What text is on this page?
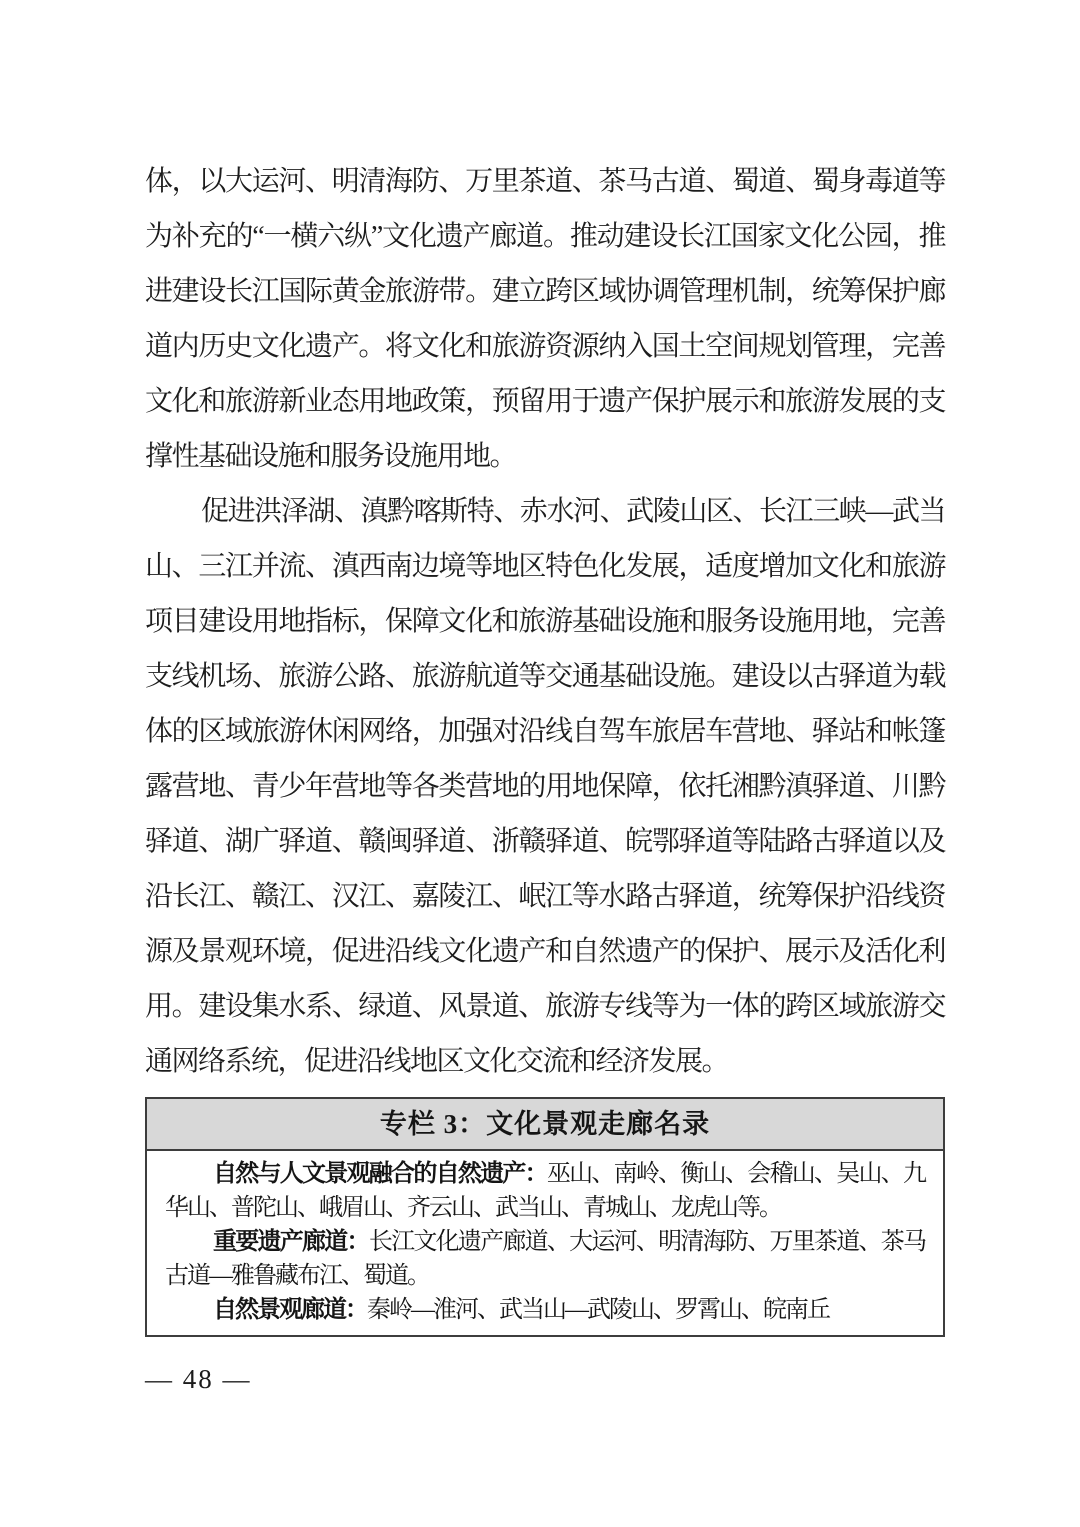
体，以大运河、明清海防、万里茶道、茶马古道、蜀道、蜀身毒道等为补充的“一横六纵”文化遗产廊道。推动建设长江国家文化公园，推进建设长江国际黄金旅游带。建立跨区域协调管理机制，统筹保护廊道内历史文化遗产。将文化和旅游资源纳入国土空间规划管理，完善文化和旅游新业态用地政策，预留用于遗产保护展示和旅游发展的支撑性基础设施和服务设施用地。

促进洪泽湖、滇黔喀斯特、赤水河、武陵山区、长江三峡—武当山、三江并流、滇西南边境等地区特色化发展，适度增加文化和旅游项目建设用地指标，保障文化和旅游基础设施和服务设施用地，完善支线机场、旅游公路、旅游航道等交通基础设施。建设以古驿道为载体的区域旅游休闲网络，加强对沿线自驾车旅居车营地、驿站和帐篷露营地、青少年营地等各类营地的用地保障，依托湘黔滇驿道、川黔驿道、湖广驿道、赣闽驿道、浙赣驿道、皖鄂驿道等陆路古驿道以及沿长江、赣江、汉江、嘉陵江、岷江等水路古驿道，统筹保护沿线资源及景观环境，促进沿线文化遗产和自然遗产的保护、展示及活化利用。建设集水系、绿道、风景道、旅游专线等为一体的跨区域旅游交通网络系统，促进沿线地区文化交流和经济发展。

专栏 3：文化景观走廊名录

自然与人文景观融合的自然遗产：巫山、南岭、衡山、会稽山、吴山、九华山、普陀山、峨眉山、齐云山、武当山、青城山、龙虎山等。

重要遗产廊道：长江文化遗产廊道、大运河、明清海防、万里茶道、茶马古道—雅鲁藏布江、蜀道。

自然景观廊道：秦岭—淮河、武当山—武陵山、罗霄山、皖南丘

— 48 —
